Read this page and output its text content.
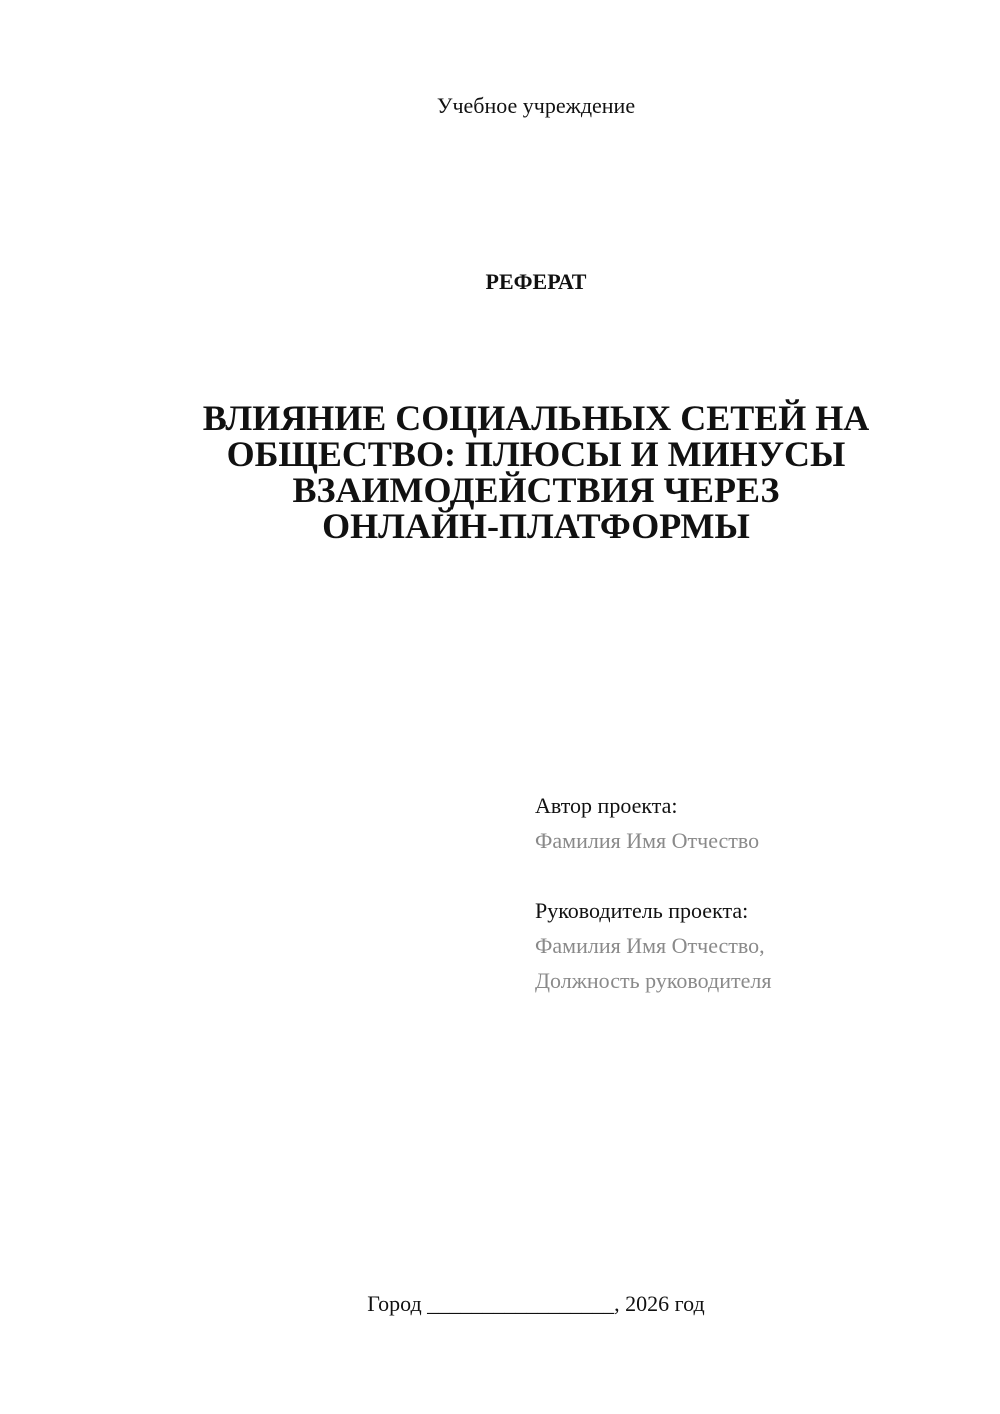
Учебное учреждение
РЕФЕРАТ
ВЛИЯНИЕ СОЦИАЛЬНЫХ СЕТЕЙ НА
ОБЩЕСТВО: ПЛЮСЫ И МИНУСЫ
ВЗАИМОДЕЙСТВИЯ ЧЕРЕЗ
ОНЛАЙН-ПЛАТФОРМЫ
Автор проекта:
Фамилия Имя Отчество
Руководитель проекта:
Фамилия Имя Отчество,
Должность руководителя
Город _________________, 2026 год
